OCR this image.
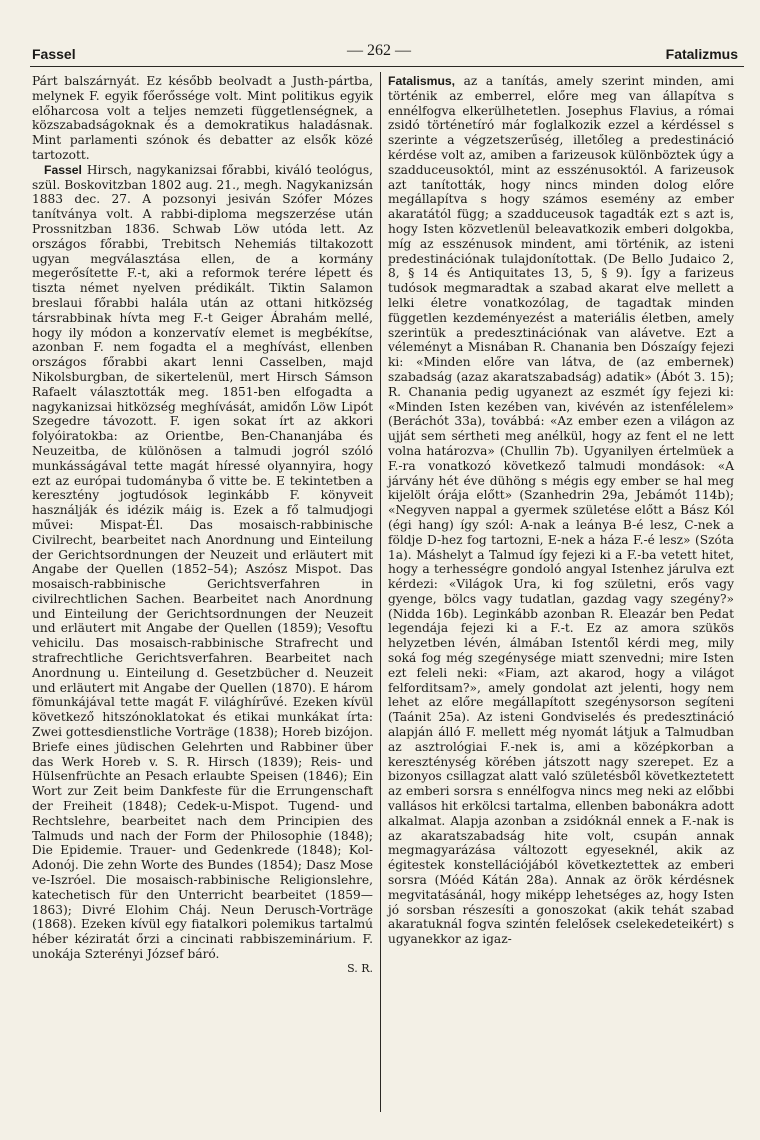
Fassel	— 262 —	Fatalizmus

Párt balszárnyát. Ez később beolvadt a Justh-pártba, melynek F. egyik főerőssége volt. Mint politikus egyik előharcosa volt a teljes nemzeti függetlenségnek, a közszabadságoknak és a demokratikus haladásnak. Mint parlamenti szónok és debatter az elsők közé tartozott.

Fassel Hirsch, nagykanizsai főrabbi, kiváló teológus, szül. Boskovitzban 1802 aug. 21., megh. Nagykanizsán 1883 dec. 27. A pozsonyi jesiván Szófer Mózes tanítványa volt. A rabbi-diploma megszerzése után Prossnitzban 1836. Schwab Löw utóda lett. Az országos főrabbi, Trebitsch Nehemiás tiltakozott ugyan megválasztása ellen, de a kormány megerősítette F.-t, aki a reformok terére lépett és tiszta német nyelven prédikált. Tiktin Salamon breslaui főrabbi halála után az ottani hitközség társrabbinak hívta meg F.-t Geiger Ábrahám mellé, hogy ily módon a konzervatív elemet is megbékítse, azonban F. nem fogadta el a meghívást, ellenben országos főrabbi akart lenni Casselben, majd Nikolsburgban, de sikertelenül, mert Hirsch Sámson Rafaelt választották meg. 1851-ben elfogadta a nagykanizsai hitközség meghívását, amidőn Löw Lipót Szegedre távozott. F. igen sokat írt az akkori folyóiratokba: az Orientbe, Ben-Chananjába és Neuzeitba, de különösen a talmudi jogról szóló munkásságával tette magát híressé olyannyira, hogy ezt az európai tudományba ő vitte be. E tekintetben a keresztény jogtudósok leginkább F. könyveit használják és idézik máig is. Ezek a fő talmudjogi művei: Mispat-Él. Das mosaisch-rabbinische Civilrecht, bearbeitet nach Anordnung und Einteilung der Gerichtsordnungen der Neuzeit und erläutert mit Angabe der Quellen (1852–54); Aszósz Mispot. Das mosaisch-rabbinische Gerichtsverfahren in civilrechtlichen Sachen. Bearbeitet nach Anordnung und Einteilung der Gerichtsordnungen der Neuzeit und erläutert mit Angabe der Quellen (1859); Vesoftu vehicilu. Das mosaisch-rabbinische Strafrecht und strafrechtliche Gerichtsverfahren. Bearbeitet nach Anordnung u. Einteilung d. Gesetzbücher d. Neuzeit und erläutert mit Angabe der Quellen (1870). E három fömunkájával tette magát F. világhírűvé. Ezeken kívül következő hitszónoklatokat és etikai munkákat írta: Zwei gottesdienstliche Vorträge (1838); Horeb bizójon. Briefe eines jüdischen Gelehrten und Rabbiner über das Werk Horeb v. S. R. Hirsch (1839); Reis- und Hülsenfrüchte an Pesach erlaubte Speisen (1846); Ein Wort zur Zeit beim Dankfeste für die Errungenschaft der Freiheit (1848); Cedek-u-Mispot. Tugend- und Rechtslehre, bearbeitet nach dem Principien des Talmuds und nach der Form der Philosophie (1848); Die Epidemie. Trauer- und Gedenkrede (1848); Kol-Adonój. Die zehn Worte des Bundes (1854); Dasz Mose ve-Iszróel. Die mosaisch-rabbinische Religionslehre, katechetisch für den Unterricht bearbeitet (1859—1863); Divré Elohim Cháj. Neun Derusch-Vorträge (1868). Ezeken kívül egy fiatalkori polemikus tartalmú héber kéziratát őrzi a cincinati rabbiszeminárium. F. unokája Szterényi József báró.

S. R.

Fatalismus, az a tanítás, amely szerint minden, ami történik az emberrel, előre meg van állapítva s ennélfogva elkerülhetetlen. Josephus Flavius, a római zsidó történetíró már foglalkozik ezzel a kérdéssel s szerinte a végzetszerűség, illetőleg a predestináció kérdése volt az, amiben a farizeusok különböztek úgy a szadduceusoktól, mint az esszénusoktól. A farizeusok azt tanították, hogy nincs minden dolog előre megállapítva s hogy számos esemény az ember akaratától függ; a szadduceusok tagadták ezt s azt is, hogy Isten közvetlenül beleavatkozik emberi dolgokba, míg az esszénusok mindent, ami történik, az isteni predestinációnak tulajdonítottak. (De Bello Judaico 2, 8, § 14 és Antiquitates 13, 5, § 9). Így a farizeus tudósok megmaradtak a szabad akarat elve mellett a lelki életre vonatkozólag, de tagadtak minden független kezdeményezést a materiális életben, amely szerintük a predesztinációnak van alávetve. Ezt a véleményt a Misnában R. Chanania ben Dószaígy fejezi ki: «Minden előre van látva, de (az embernek) szabadság (azaz akaratszabadság) adatik» (Ábót 3. 15); R. Chanania pedig ugyanezt az eszmét így fejezi ki: «Minden Isten kezében van, kivévén az istenfélelem» (Beráchót 33a), továbbá: «Az ember ezen a világon az ujját sem sértheti meg anélkül, hogy az fent el ne lett volna határozva» (Chullin 7b). Ugyanilyen értelmüek a F.-ra vonatkozó következő talmudi mondások: «A járvány hét éve dühöng s mégis egy ember se hal meg kijelölt órája előtt» (Szanhedrin 29a, Jebámót 114b); «Negyven nappal a gyermek születése előtt a Bász Kól (égi hang) így szól: A-nak a leánya B-é lesz, C-nek a földje D-hez fog tartozni, E-nek a háza F.-é lesz» (Szóta 1a). Máshelyt a Talmud így fejezi ki a F.-ba vetett hitet, hogy a terhességre gondoló angyal Istenhez járulva ezt kérdezi: «Világok Ura, ki fog születni, erős vagy gyenge, bölcs vagy tudatlan, gazdag vagy szegény?» (Nidda 16b). Leginkább azonban R. Eleazár ben Pedat legendája fejezi ki a F.-t. Ez az amora szükös helyzetben lévén, álmában Istentől kérdi meg, mily soká fog még szegénysége miatt szenvedni; mire Isten ezt feleli neki: «Fiam, azt akarod, hogy a világot felforditsam?», amely gondolat azt jelenti, hogy nem lehet az előre megállapított szegénysorson segíteni (Taánit 25a). Az isteni Gondviselés és predesztináció alapján álló F. mellett még nyomát látjuk a Talmudban az asztrológiai F.-nek is, ami a középkorban a kereszténység körében játszott nagy szerepet. Ez a bizonyos csillagzat alatt való születésből következtetett az emberi sorsra s ennélfogva nincs meg neki az előbbi vallásos hit erkölcsi tartalma, ellenben babonákra adott alkalmat. Alapja azonban a zsidóknál ennek a F.-nak is az akaratszabadság hite volt, csupán annak megmagyarázása változott egyeseknél, akik az égitestek konstellációjából következtettek az emberi sorsra (Móéd Kátán 28a). Annak az örök kérdésnek megvitatásánál, hogy miképp lehetséges az, hogy Isten jó sorsban részesíti a gonoszokat (akik tehát szabad akaratuknál fogva szintén felelősek cselekedeteikért) s ugyanekkor az igaz-
